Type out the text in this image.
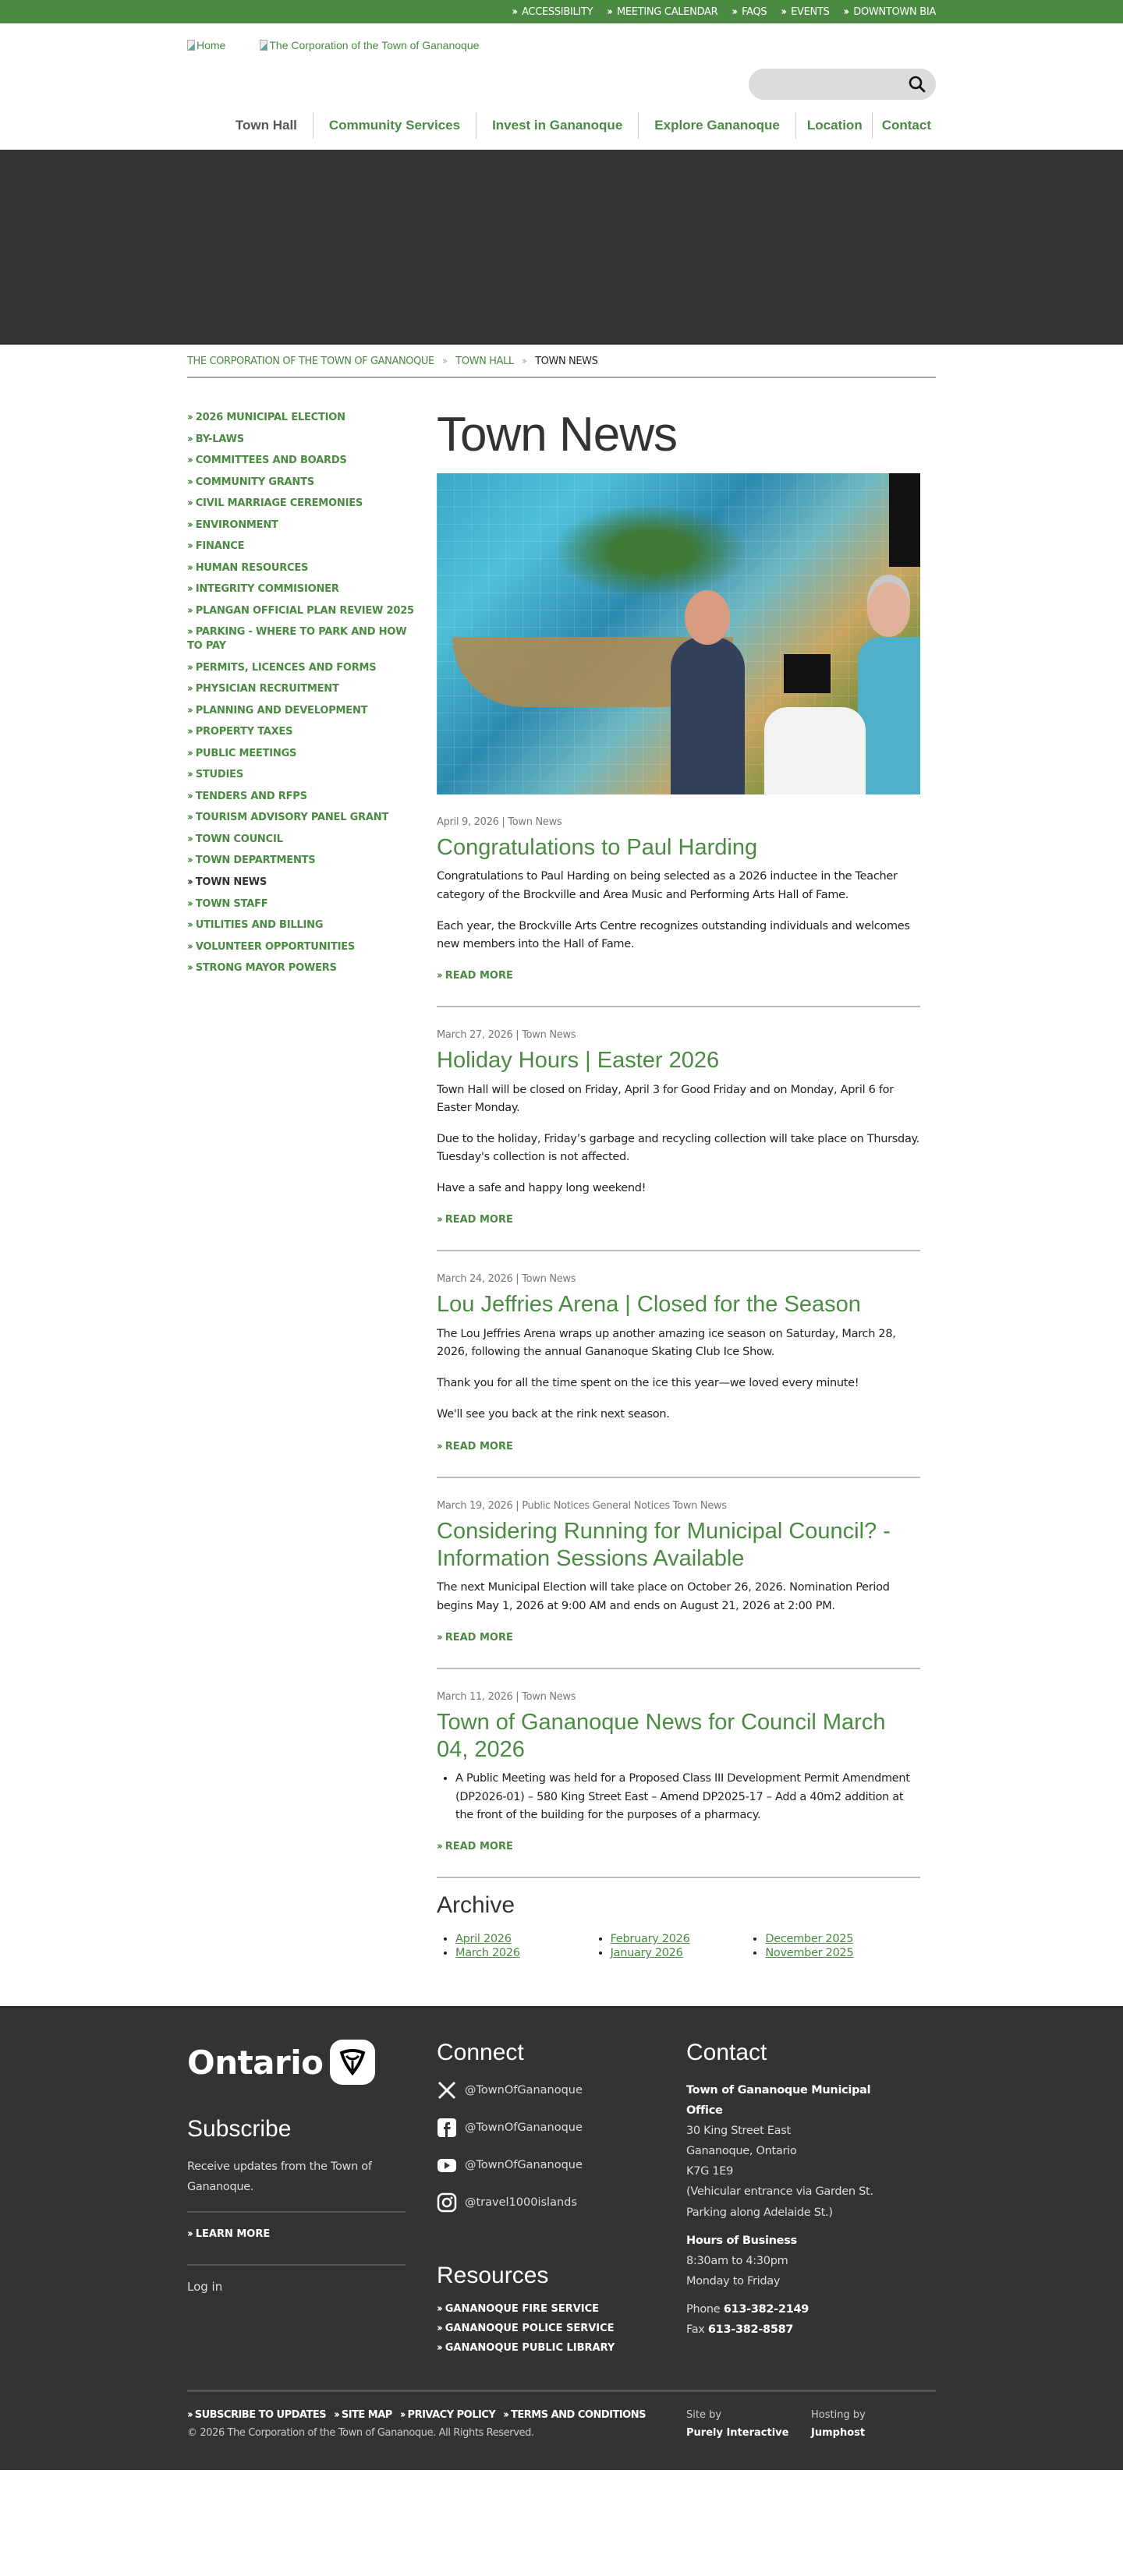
›› ACCESSIBILITY ›› MEETING CALENDAR ›› FAQS ›› EVENTS ›› DOWNTOWN BIA
Home	The Corporation of the Town of Gananoque
Town Hall	Community Services	Invest in Gananoque	Explore Gananoque	Location	Contact
THE CORPORATION OF THE TOWN OF GANANOQUE ›› TOWN HALL ›› TOWN NEWS
›› 2026 MUNICIPAL ELECTION
›› BY-LAWS
›› COMMITTEES AND BOARDS
›› COMMUNITY GRANTS
›› CIVIL MARRIAGE CEREMONIES
›› ENVIRONMENT
›› FINANCE
›› HUMAN RESOURCES
›› INTEGRITY COMMISIONER
›› PLANGAN OFFICIAL PLAN REVIEW 2025
›› PARKING - WHERE TO PARK AND HOW TO PAY
›› PERMITS, LICENCES AND FORMS
›› PHYSICIAN RECRUITMENT
›› PLANNING AND DEVELOPMENT
›› PROPERTY TAXES
›› PUBLIC MEETINGS
›› STUDIES
›› TENDERS AND RFPS
›› TOURISM ADVISORY PANEL GRANT
›› TOWN COUNCIL
›› TOWN DEPARTMENTS
›› TOWN NEWS
›› TOWN STAFF
›› UTILITIES AND BILLING
›› VOLUNTEER OPPORTUNITIES
›› STRONG MAYOR POWERS
Town News
April 9, 2026 | Town News
Congratulations to Paul Harding

Congratulations to Paul Harding on being selected as a 2026 inductee in the Teacher category of the Brockville and Area Music and Performing Arts Hall of Fame.

Each year, the Brockville Arts Centre recognizes outstanding individuals and welcomes new members into the Hall of Fame.

›› READ MORE
March 27, 2026 | Town News
Holiday Hours | Easter 2026

Town Hall will be closed on Friday, April 3 for Good Friday and on Monday, April 6 for Easter Monday.

Due to the holiday, Friday’s garbage and recycling collection will take place on Thursday. Tuesday's collection is not affected.

Have a safe and happy long weekend!

›› READ MORE
March 24, 2026 | Town News
Lou Jeffries Arena | Closed for the Season

The Lou Jeffries Arena wraps up another amazing ice season on Saturday, March 28, 2026, following the annual Gananoque Skating Club Ice Show.

Thank you for all the time spent on the ice this year—we loved every minute!

We'll see you back at the rink next season.

›› READ MORE
March 19, 2026 | Public Notices General Notices Town News
Considering Running for Municipal Council? - Information Sessions Available

The next Municipal Election will take place on October 26, 2026. Nomination Period begins May 1, 2026 at 9:00 AM and ends on August 21, 2026 at 2:00 PM.

›› READ MORE
March 11, 2026 | Town News
Town of Gananoque News for Council March 04, 2026
• A Public Meeting was held for a Proposed Class III Development Permit Amendment (DP2026-01) – 580 King Street East – Amend DP2025-17 – Add a 40m2 addition at the front of the building for the purposes of a pharmacy.
›› READ MORE
Archive
• April 2026	• February 2026	• December 2025
• March 2026	• January 2026	• November 2025
Ontario
Subscribe

Receive updates from the Town of Gananoque.

›› LEARN MORE
Log in
Connect
@TownOfGananoque
@TownOfGananoque
@TownOfGananoque
@travel1000islands
Resources
›› GANANOQUE FIRE SERVICE
›› GANANOQUE POLICE SERVICE
›› GANANOQUE PUBLIC LIBRARY
Contact
Town of Gananoque Municipal Office
30 King Street East
Gananoque, Ontario
K7G 1E9
(Vehicular entrance via Garden St.
Parking along Adelaide St.)
Hours of Business
8:30am to 4:30pm
Monday to Friday
Phone 613-382-2149
Fax 613-382-8587
›› SUBSCRIBE TO UPDATES ›› SITE MAP ›› PRIVACY POLICY ›› TERMS AND CONDITIONS
© 2026 The Corporation of the Town of Gananoque. All Rights Reserved.
Site by
Purely Interactive
Hosting by
Jumphost
